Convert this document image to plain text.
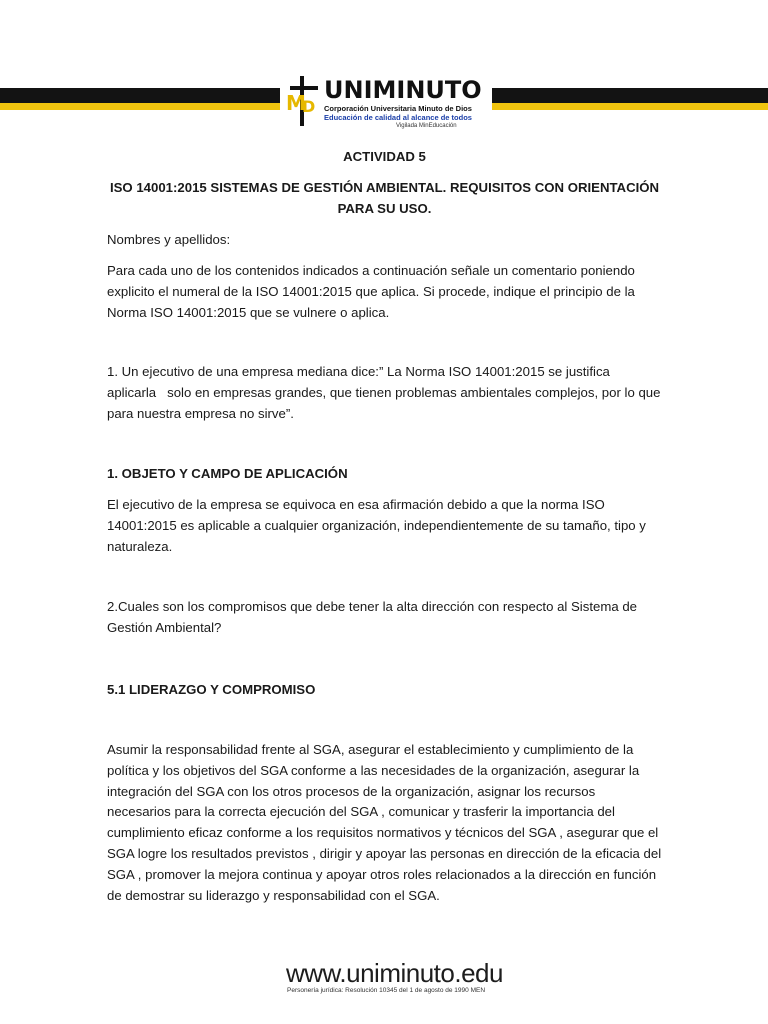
M
D
UNIMINUTO
Corporación Universitaria Minuto de Dios
Educación de calidad al alcance de todos
Vigilada MinEducación

ACTIVIDAD 5

ISO 14001:2015 SISTEMAS DE GESTIÓN AMBIENTAL. REQUISITOS CON ORIENTACIÓN PARA SU USO.

Nombres y apellidos:

Para cada uno de los contenidos indicados a continuación señale un comentario poniendo explicito el numeral de la ISO 14001:2015 que aplica. Si procede, indique el principio de la Norma ISO 14001:2015 que se vulnere o aplica.

1. Un ejecutivo de una empresa mediana dice:” La Norma ISO 14001:2015 se justifica aplicarla   solo en empresas grandes, que tienen problemas ambientales complejos, por lo que para nuestra empresa no sirve”.

1. OBJETO Y CAMPO DE APLICACIÓN

El ejecutivo de la empresa se equivoca en esa afirmación debido a que la norma ISO 14001:2015 es aplicable a cualquier organización, independientemente de su tamaño, tipo y naturaleza.

2.Cuales son los compromisos que debe tener la alta dirección con respecto al Sistema de Gestión Ambiental?

5.1 LIDERAZGO Y COMPROMISO

Asumir la responsabilidad frente al SGA, asegurar el establecimiento y cumplimiento de la política y los objetivos del SGA conforme a las necesidades de la organización, asegurar la integración del SGA con los otros procesos de la organización, asignar los recursos necesarios para la correcta ejecución del SGA , comunicar y trasferir la importancia del cumplimiento eficaz conforme a los requisitos normativos y técnicos del SGA , asegurar que el SGA logre los resultados previstos , dirigir y apoyar las personas en dirección de la eficacia del SGA , promover la mejora continua y apoyar otros roles relacionados a la dirección en función de demostrar su liderazgo y responsabilidad con el SGA.

www.uniminuto.edu
Personería jurídica: Resolución 10345 del 1 de agosto de 1990 MEN
